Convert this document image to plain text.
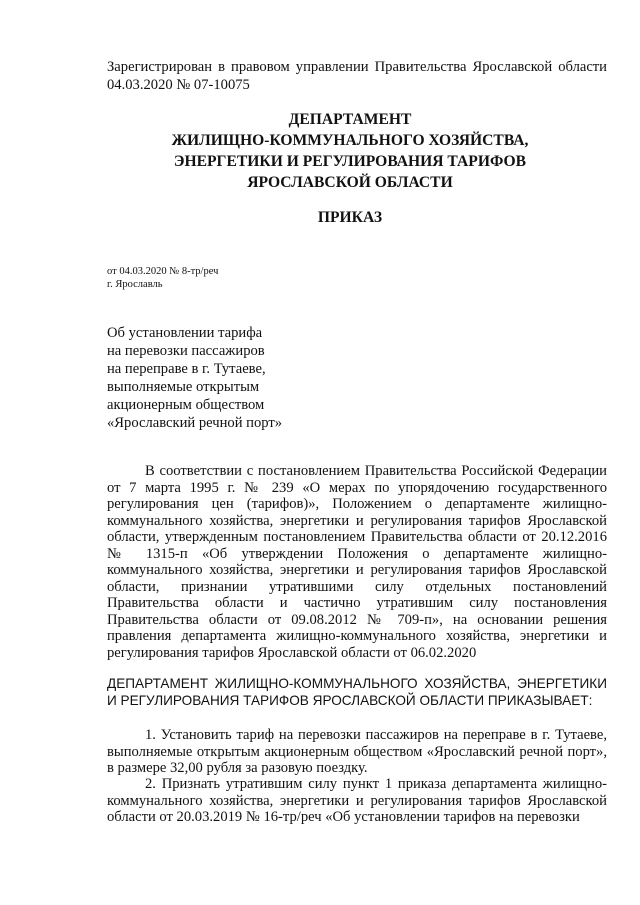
Зарегистрирован в правовом управлении Правительства Ярославской области 04.03.2020 № 07-10075

ДЕПАРТАМЕНТ
ЖИЛИЩНО-КОММУНАЛЬНОГО ХОЗЯЙСТВА,
ЭНЕРГЕТИКИ И РЕГУЛИРОВАНИЯ ТАРИФОВ
ЯРОСЛАВСКОЙ ОБЛАСТИ
ПРИКАЗ
от 04.03.2020 № 8-тр/реч
г. Ярославль
Об установлении тарифа
на перевозки пассажиров
на переправе в г. Тутаеве,
выполняемые открытым
акционерным обществом
«Ярославский речной порт»

В соответствии с постановлением Правительства Российской Федерации от 7 марта 1995 г. № 239 «О мерах по упорядочению государственного регулирования цен (тарифов)», Положением о департаменте жилищно-коммунального хозяйства, энергетики и регулирования тарифов Ярославской области, утвержденным постановлением Правительства области от 20.12.2016 № 1315-п «Об утверждении Положения о департаменте жилищно-коммунального хозяйства, энергетики и регулирования тарифов Ярославской области, признании утратившими силу отдельных постановлений Правительства области и частично утратившим силу постановления Правительства области от 09.08.2012 № 709-п», на основании решения правления департамента жилищно-коммунального хозяйства, энергетики и регулирования тарифов Ярославской области от 06.02.2020

ДЕПАРТАМЕНТ ЖИЛИЩНО-КОММУНАЛЬНОГО ХОЗЯЙСТВА, ЭНЕРГЕТИКИ И РЕГУЛИРОВАНИЯ ТАРИФОВ ЯРОСЛАВСКОЙ ОБЛАСТИ ПРИКАЗЫВАЕТ:

1. Установить тариф на перевозки пассажиров на переправе в г. Тутаеве, выполняемые открытым акционерным обществом «Ярославский речной порт», в размере 32,00 рубля за разовую поездку.

2. Признать утратившим силу пункт 1 приказа департамента жилищно-коммунального хозяйства, энергетики и регулирования тарифов Ярославской области от 20.03.2019 № 16-тр/реч «Об установлении тарифов на перевозки
